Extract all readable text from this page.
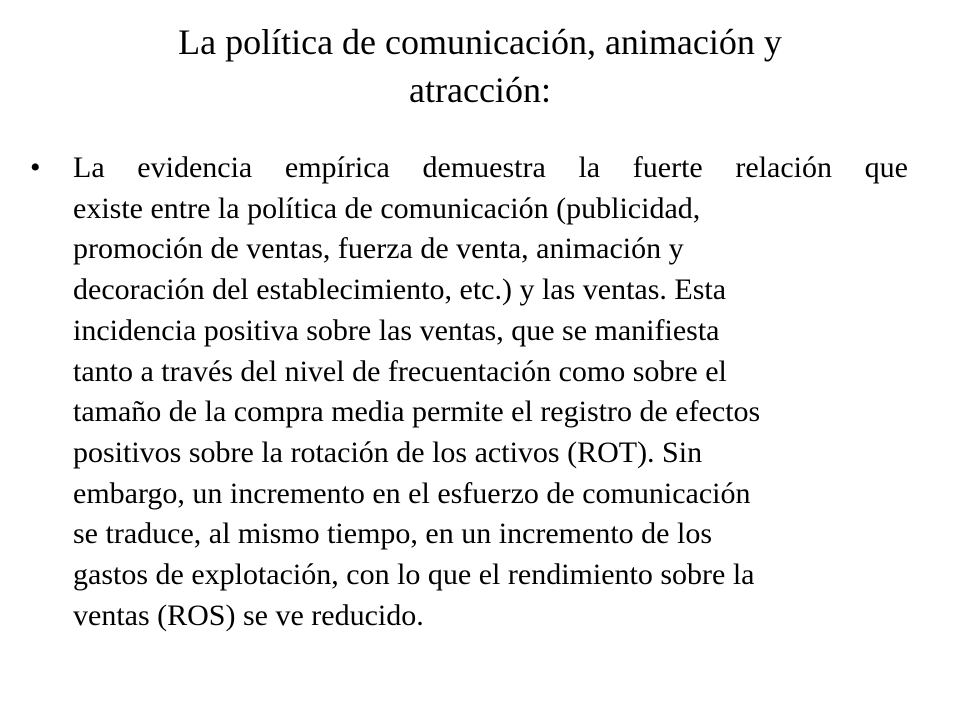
La política de comunicación, animación y
atracción:
• La evidencia empírica demuestra la fuerte relación que
existe entre la política de comunicación (publicidad,
promoción de ventas, fuerza de venta, animación y
decoración del establecimiento, etc.) y las ventas. Esta
incidencia positiva sobre las ventas, que se manifiesta
tanto a través del nivel de frecuentación como sobre el
tamaño de la compra media permite el registro de efectos
positivos sobre la rotación de los activos (ROT). Sin
embargo, un incremento en el esfuerzo de comunicación
se traduce, al mismo tiempo, en un incremento de los
gastos de explotación, con lo que el rendimiento sobre la
ventas (ROS) se ve reducido.
